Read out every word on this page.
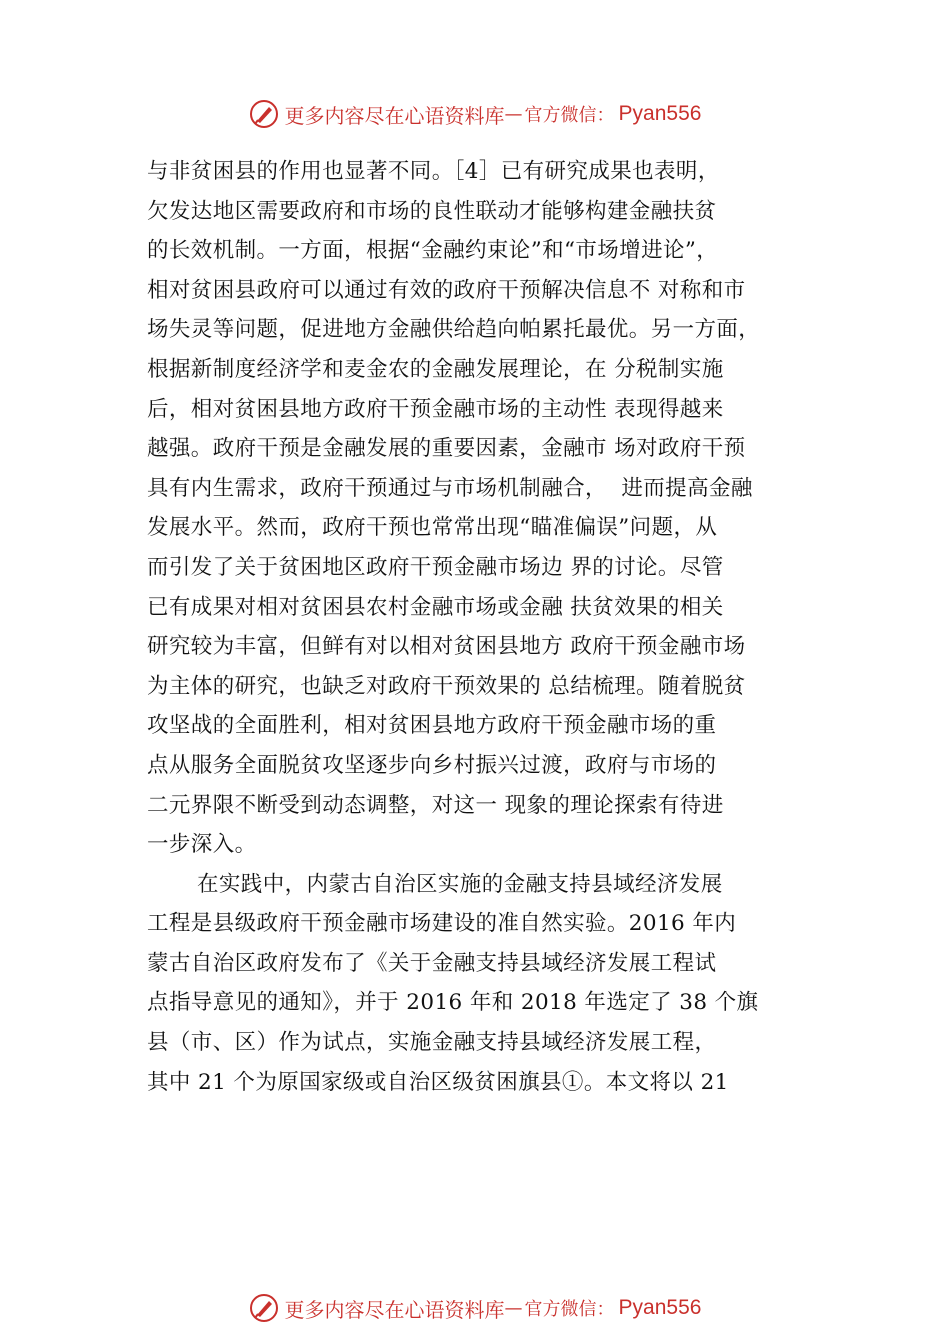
更多内容尽在心语资料库 — 官方微信： Pyan556
与非贫困县的作用也显著不同。［4］已有研究成果也表明，
欠发达地区需要政府和市场的良性联动才能够构建金融扶贫
的长效机制。一方面，根据“金融约束论”和“市场增进论”，
相对贫困县政府可以通过有效的政府干预解决信息不 对称和市
场失灵等问题，促进地方金融供给趋向帕累托最优。另一方面，
根据新制度经济学和麦金农的金融发展理论，在 分税制实施
后，相对贫困县地方政府干预金融市场的主动性 表现得越来
越强。政府干预是金融发展的重要因素，金融市 场对政府干预
具有内生需求，政府干预通过与市场机制融合，  进而提高金融
发展水平。然而，政府干预也常常出现“瞄准偏误”问题，从
而引发了关于贫困地区政府干预金融市场边 界的讨论。尽管
已有成果对相对贫困县农村金融市场或金融 扶贫效果的相关
研究较为丰富，但鲜有对以相对贫困县地方 政府干预金融市场
为主体的研究，也缺乏对政府干预效果的 总结梳理。随着脱贫
攻坚战的全面胜利，相对贫困县地方政府干预金融市场的重
点从服务全面脱贫攻坚逐步向乡村振兴过渡，政府与市场的
二元界限不断受到动态调整，对这一 现象的理论探索有待进
一步深入。
在实践中，内蒙古自治区实施的金融支持县域经济发展
工程是县级政府干预金融市场建设的准自然实验。2016 年内
蒙古自治区政府发布了《关于金融支持县域经济发展工程试
点指导意见的通知》，并于 2016 年和 2018 年选定了 38 个旗
县（市、区）作为试点，实施金融支持县域经济发展工程，
其中 21 个为原国家级或自治区级贫困旗县①。本文将以 21
更多内容尽在心语资料库 — 官方微信： Pyan556
